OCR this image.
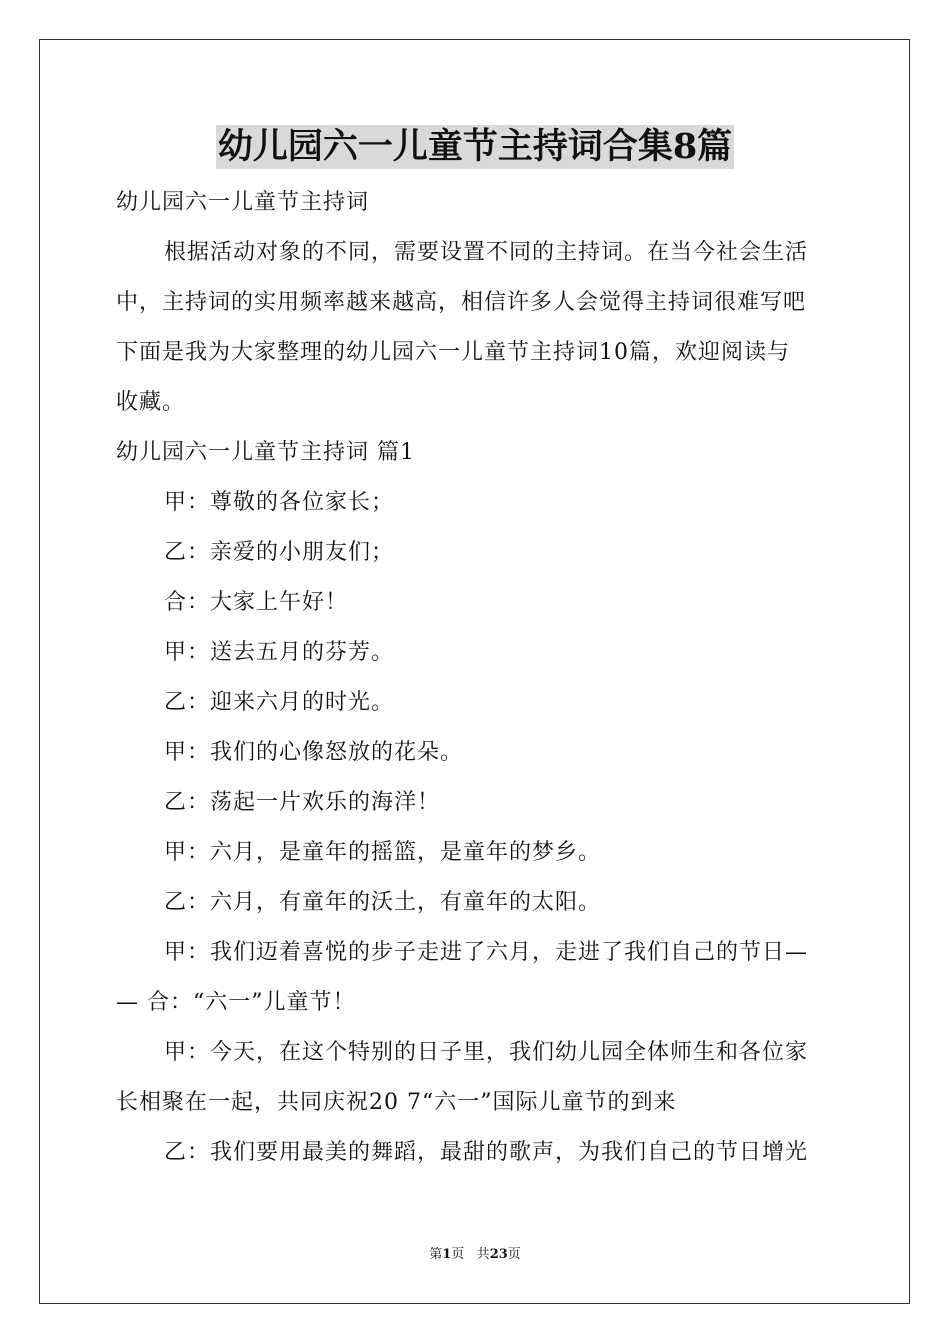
幼儿园六一儿童节主持词合集8篇
幼儿园六一儿童节主持词
根据活动对象的不同，需要设置不同的主持词。在当今社会生活
中，主持词的实用频率越来越高，相信许多人会觉得主持词很难写吧
下面是我为大家整理的幼儿园六一儿童节主持词10篇，欢迎阅读与
收藏。
幼儿园六一儿童节主持词 篇1
甲：尊敬的各位家长；
乙：亲爱的小朋友们；
合：大家上午好！
甲：送去五月的芬芳。
乙：迎来六月的时光。
甲：我们的心像怒放的花朵。
乙：荡起一片欢乐的海洋！
甲：六月，是童年的摇篮，是童年的梦乡。
乙：六月，有童年的沃土，有童年的太阳。
甲：我们迈着喜悦的步子走进了六月，走进了我们自己的节日—
— 合：“六一”儿童节！
甲：今天，在这个特别的日子里，我们幼儿园全体师生和各位家
长相聚在一起，共同庆祝20 7“六一”国际儿童节的到来
乙：我们要用最美的舞蹈，最甜的歌声，为我们自己的节日增光
第1页 共23页
